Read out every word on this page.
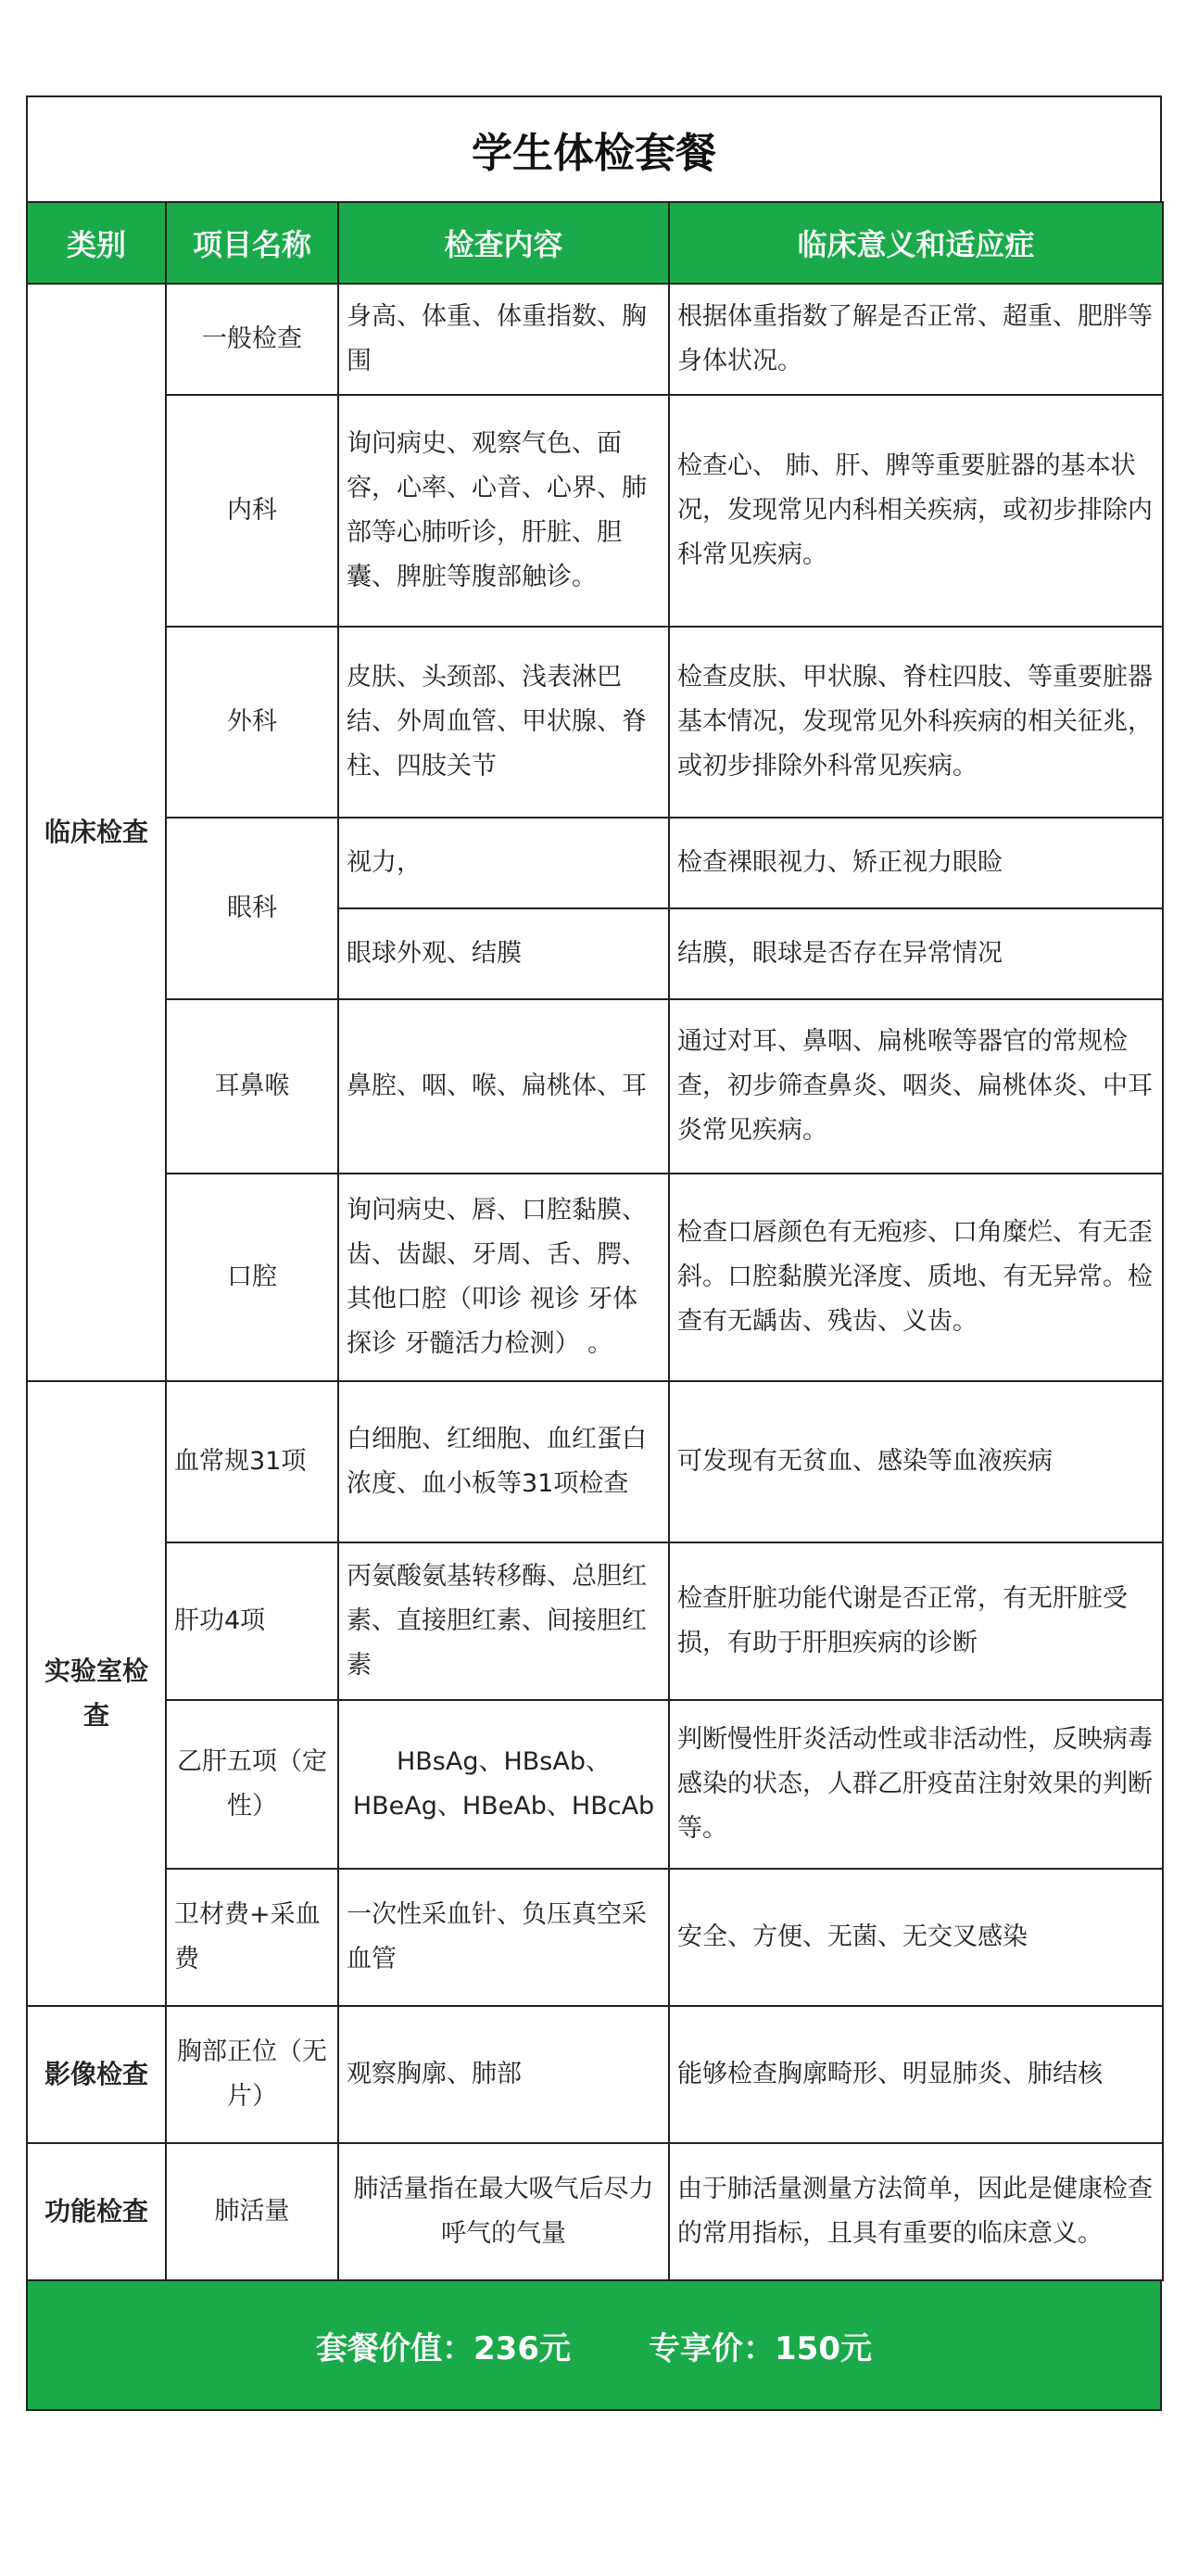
学生体检套餐
类别	项目名称	检查内容	临床意义和适应症
临床检查	一般检查	身高、体重、体重指数、胸围	根据体重指数了解是否正常、超重、肥胖等身体状况。
	内科	询问病史、观察气色、面容，心率、心音、心界、肺部等心肺听诊，肝脏、胆囊、脾脏等腹部触诊。	检查心、 肺、肝、脾等重要脏器的基本状况，发现常见内科相关疾病，或初步排除内科常见疾病。
	外科	皮肤、头颈部、浅表淋巴结、外周血管、甲状腺、脊柱、四肢关节	检查皮肤、甲状腺、脊柱四肢、等重要脏器基本情况，发现常见外科疾病的相关征兆，或初步排除外科常见疾病。
	眼科	视力，	检查裸眼视力、矫正视力眼睑
		眼球外观、结膜	结膜，眼球是否存在异常情况
	耳鼻喉	鼻腔、咽、喉、扁桃体、耳	通过对耳、鼻咽、扁桃喉等器官的常规检查，初步筛查鼻炎、咽炎、扁桃体炎、中耳炎常见疾病。
	口腔	询问病史、唇、口腔黏膜、齿、齿龈、牙周、舌、腭、其他口腔（叩诊 视诊 牙体探诊 牙髓活力检测） 。	检查口唇颜色有无疱疹、口角糜烂、有无歪斜。口腔黏膜光泽度、质地、有无异常。检查有无龋齿、残齿、义齿。
实验室检查	血常规31项	白细胞、红细胞、血红蛋白浓度、血小板等31项检查	可发现有无贫血、感染等血液疾病
	肝功4项	丙氨酸氨基转移酶、总胆红素、直接胆红素、间接胆红素	检查肝脏功能代谢是否正常，有无肝脏受损，有助于肝胆疾病的诊断
	乙肝五项（定性）	HBsAg、HBsAb、HBeAg、HBeAb、HBcAb	判断慢性肝炎活动性或非活动性，反映病毒感染的状态，人群乙肝疫苗注射效果的判断等。
	卫材费+采血费	一次性采血针、负压真空采血管	安全、方便、无菌、无交叉感染
影像检查	胸部正位（无片）	观察胸廓、肺部	能够检查胸廓畸形、明显肺炎、肺结核
功能检查	肺活量	肺活量指在最大吸气后尽力呼气的气量	由于肺活量测量方法简单，因此是健康检查的常用指标，且具有重要的临床意义。
套餐价值：236元 专享价：150元
